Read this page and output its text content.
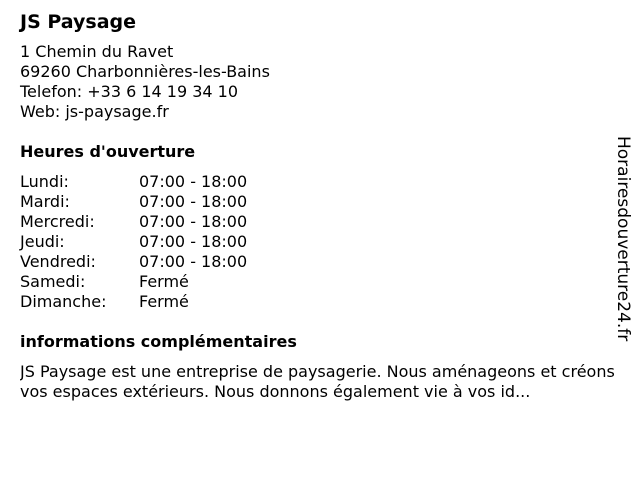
JS Paysage
1 Chemin du Ravet
69260 Charbonnières-les-Bains
Telefon: +33 6 14 19 34 10
Web: js-paysage.fr
Heures d'ouverture
Lundi:	07:00 - 18:00
Mardi:	07:00 - 18:00
Mercredi:	07:00 - 18:00
Jeudi:	07:00 - 18:00
Vendredi:	07:00 - 18:00
Samedi:	Fermé
Dimanche:	Fermé
informations complémentaires
JS Paysage est une entreprise de paysagerie. Nous aménageons et créons vos espaces extérieurs. Nous donnons également vie à vos id...
Horairesdouverture24.fr
